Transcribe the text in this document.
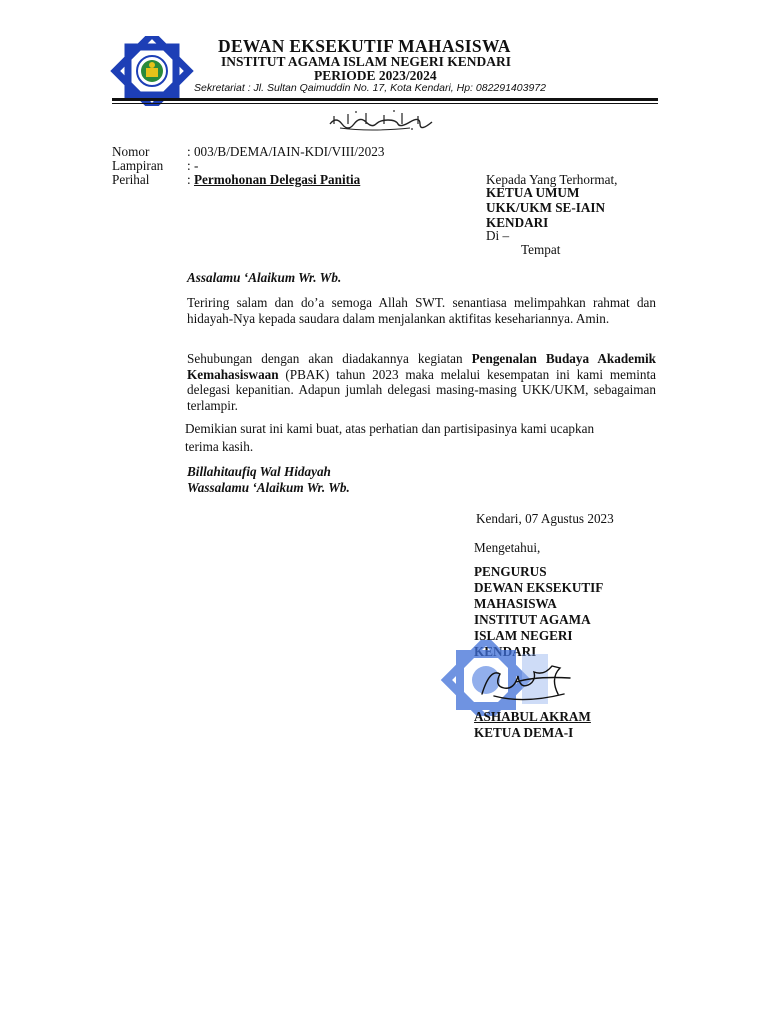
DEWAN EKSEKUTIF MAHASISWA
INSTITUT AGAMA ISLAM NEGERI KENDARI
PERIODE 2023/2024
Sekretariat : Jl. Sultan Qaimuddin No. 17, Kota Kendari, Hp: 082291403972
Nomor	: 003/B/DEMA/IAIN-KDI/VIII/2023
Lampiran : -
Perihal	: Permohonan Delegasi Panitia	Kepada Yang Terhormat,
KETUA UMUM
UKK/UKM SE-IAIN
KENDARI
Di –
Tempat
Assalamu ‘Alaikum Wr. Wb.
Teriring salam dan do’a semoga Allah SWT. senantiasa melimpahkan rahmat dan hidayah-Nya kepada saudara dalam menjalankan aktifitas kesehariannya. Amin.
Sehubungan dengan akan diadakannya kegiatan Pengenalan Budaya Akademik Kemahasiswaan (PBAK) tahun 2023 maka melalui kesempatan ini kami meminta delegasi kepanitian. Adapun jumlah delegasi masing-masing UKK/UKM, sebagaiman terlampir.
Demikian surat ini kami buat, atas perhatian dan partisipasinya kami ucapkan
terima kasih.
Billahitaufiq Wal Hidayah
Wassalamu ‘Alaikum Wr. Wb.
Kendari, 07 Agustus 2023
Mengetahui,
PENGURUS
DEWAN EKSEKUTIF
MAHASISWA
INSTITUT AGAMA
ISLAM NEGERI
KENDARI
ASHABUL AKRAM
KETUA DEMA-I
